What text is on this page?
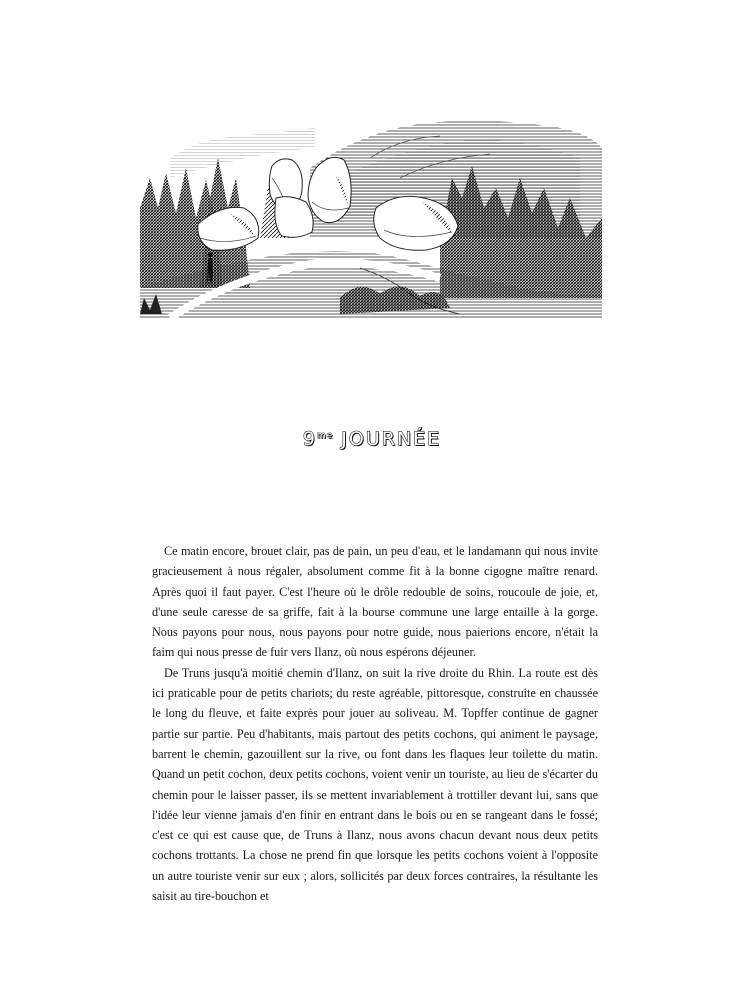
$9^{me}$ JOURNÉE

Ce matin encore, brouet clair, pas de pain, un peu d'eau, et le landamann qui nous invite gracieusement à nous régaler, absolument comme fit à la bonne cigogne maître renard. Après quoi il faut payer. C'est l'heure où le drôle redouble de soins, roucoule de joie, et, d'une seule caresse de sa griffe, fait à la bourse commune une large entaille à la gorge. Nous payons pour nous, nous payons pour notre guide, nous paierions encore, n'était la faim qui nous presse de fuir vers Ilanz, où nous espérons déjeuner.

De Truns jusqu'à moitié chemin d'Ilanz, on suit la rive droite du Rhin. La route est dès ici praticable pour de petits chariots; du reste agréable, pittoresque, construite en chaussée le long du fleuve, et faite exprès pour jouer au soliveau. M. Topffer continue de gagner partie sur partie. Peu d'habitants, mais partout des petits cochons, qui animent le paysage, barrent le chemin, gazouillent sur la rive, ou font dans les flaques leur toilette du matin. Quand un petit cochon, deux petits cochons, voient venir un touriste, au lieu de s'écarter du chemin pour le laisser passer, ils se mettent invariablement à trottiller devant lui, sans que l'idée leur vienne jamais d'en finir en entrant dans le bois ou en se rangeant dans le fossé; c'est ce qui est cause que, de Truns à Ilanz, nous avons chacun devant nous deux petits cochons trottants. La chose ne prend fin que lorsque les petits cochons voient à l'opposite un autre touriste venir sur eux ; alors, sollicités par deux forces contraires, la résultante les saisit au tire-bouchon et
